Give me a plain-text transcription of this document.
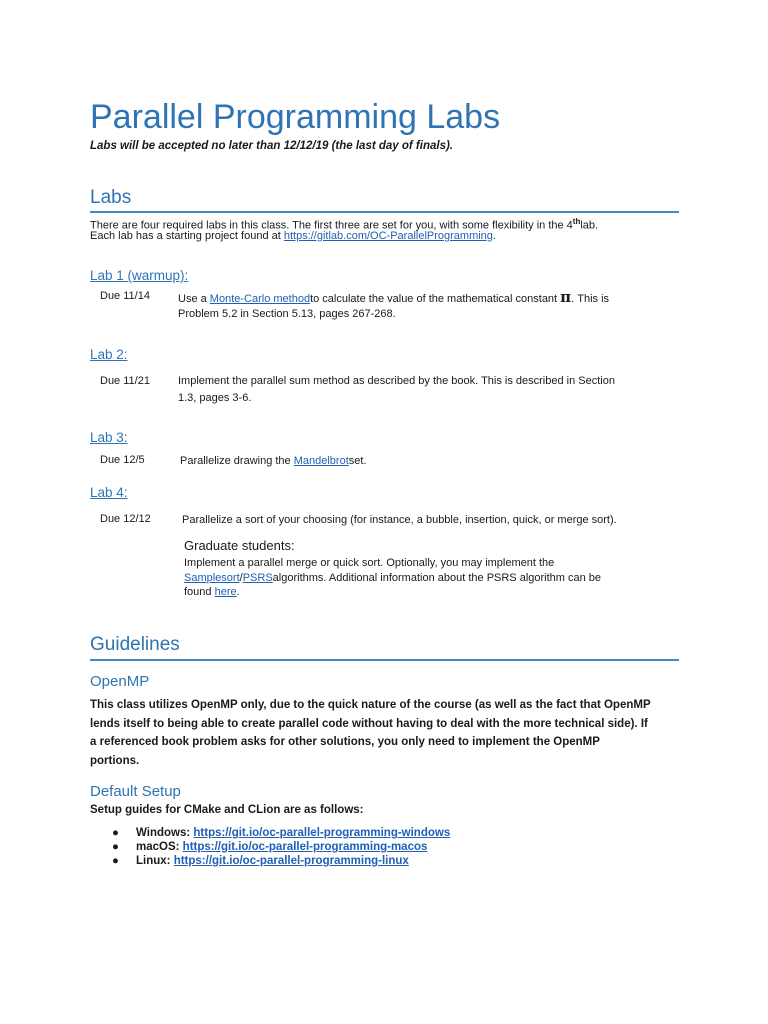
Parallel Programming Labs
Labs will be accepted no later than 12/12/19 (the last day of finals).
Labs
There are four required labs in this class. The first three are set for you, with some flexibility in the 4thlab.
Each lab has a starting project found at https://gitlab.com/OC-ParallelProgramming.
Lab 1 (warmup):
Due 11/14	Use a Monte-Carlo methodto calculate the value of the mathematical constant π. This is
Problem 5.2 in Section 5.13, pages 267-268.
Lab 2:
Due 11/21	Implement the parallel sum method as described by the book. This is described in Section
1.3, pages 3-6.
Lab 3:
Due 12/5	Parallelize drawing the Mandelbrotset.
Lab 4:
Due 12/12	Parallelize a sort of your choosing (for instance, a bubble, insertion, quick, or merge sort).
Graduate students:
Implement a parallel merge or quick sort. Optionally, you may implement the
Samplesort/PSRSalgorithms. Additional information about the PSRS algorithm can be
found here.
Guidelines
OpenMP
This class utilizes OpenMP only, due to the quick nature of the course (as well as the fact that OpenMP
lends itself to being able to create parallel code without having to deal with the more technical side). If
a referenced book problem asks for other solutions, you only need to implement the OpenMP
portions.
Default Setup
Setup guides for CMake and CLion are as follows:
● Windows: https://git.io/oc-parallel-programming-windows
● macOS: https://git.io/oc-parallel-programming-macos
● Linux: https://git.io/oc-parallel-programming-linux
